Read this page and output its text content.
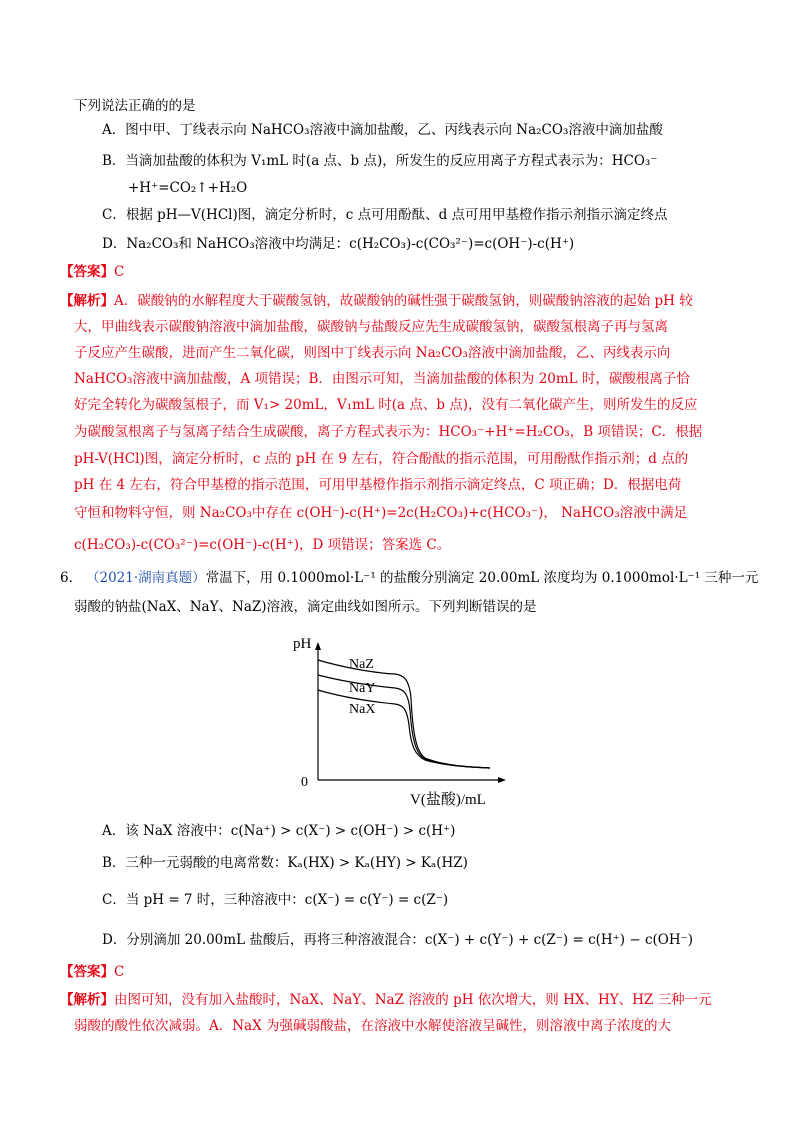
下列说法正确的的是
A．图中甲、丁线表示向 NaHCO₃溶液中滴加盐酸，乙、丙线表示向 Na₂CO₃溶液中滴加盐酸
B．当滴加盐酸的体积为 V₁mL 时(a 点、b 点)，所发生的反应用离子方程式表示为：HCO₃⁻
+H⁺=CO₂↑+H₂O
C．根据 pH—V(HCl)图，滴定分析时，c 点可用酚酞、d 点可用甲基橙作指示剂指示滴定终点
D．Na₂CO₃和 NaHCO₃溶液中均满足：c(H₂CO₃)-c(CO₃²⁻)=c(OH⁻)-c(H⁺)
【答案】C
【解析】A．碳酸钠的水解程度大于碳酸氢钠，故碳酸钠的碱性强于碳酸氢钠，则碳酸钠溶液的起始 pH 较
大，甲曲线表示碳酸钠溶液中滴加盐酸，碳酸钠与盐酸反应先生成碳酸氢钠，碳酸氢根离子再与氢离
子反应产生碳酸，进而产生二氧化碳，则图中丁线表示向 Na₂CO₃溶液中滴加盐酸，乙、丙线表示向
NaHCO₃溶液中滴加盐酸，A 项错误；B．由图示可知，当滴加盐酸的体积为 20mL 时，碳酸根离子恰
好完全转化为碳酸氢根子，而 V₁> 20mL，V₁mL 时(a 点、b 点)，没有二氧化碳产生，则所发生的反应
为碳酸氢根离子与氢离子结合生成碳酸，离子方程式表示为：HCO₃⁻+H⁺=H₂CO₃，B 项错误；C．根据
pH-V(HCl)图，滴定分析时，c 点的 pH 在 9 左右，符合酚酞的指示范围，可用酚酞作指示剂；d 点的
pH 在 4 左右，符合甲基橙的指示范围，可用甲基橙作指示剂指示滴定终点，C 项正确；D．根据电荷
守恒和物料守恒，则 Na₂CO₃中存在 c(OH⁻)-c(H⁺)=2c(H₂CO₃)+c(HCO₃⁻)， NaHCO₃溶液中满足
c(H₂CO₃)-c(CO₃²⁻)=c(OH⁻)-c(H⁺)，D 项错误；答案选 C。
6． （2021·湖南真题）常温下，用 0.1000mol·L⁻¹ 的盐酸分别滴定 20.00mL 浓度均为 0.1000mol·L⁻¹ 三种一元
弱酸的钠盐(NaX、NaY、NaZ)溶液，滴定曲线如图所示。下列判断错误的是
pH
0
V(盐酸)/mL
NaZ
NaY
NaX
A．该 NaX 溶液中：c(Na⁺) > c(X⁻) > c(OH⁻) > c(H⁺)
B．三种一元弱酸的电离常数：Kₐ(HX) > Kₐ(HY) > Kₐ(HZ)
C．当 pH = 7 时，三种溶液中：c(X⁻) = c(Y⁻) = c(Z⁻)
D．分别滴加 20.00mL 盐酸后，再将三种溶液混合：c(X⁻) + c(Y⁻) + c(Z⁻) = c(H⁺) − c(OH⁻)
【答案】C
【解析】由图可知，没有加入盐酸时，NaX、NaY、NaZ 溶液的 pH 依次增大，则 HX、HY、HZ 三种一元
弱酸的酸性依次减弱。A．NaX 为强碱弱酸盐，在溶液中水解使溶液呈碱性，则溶液中离子浓度的大
